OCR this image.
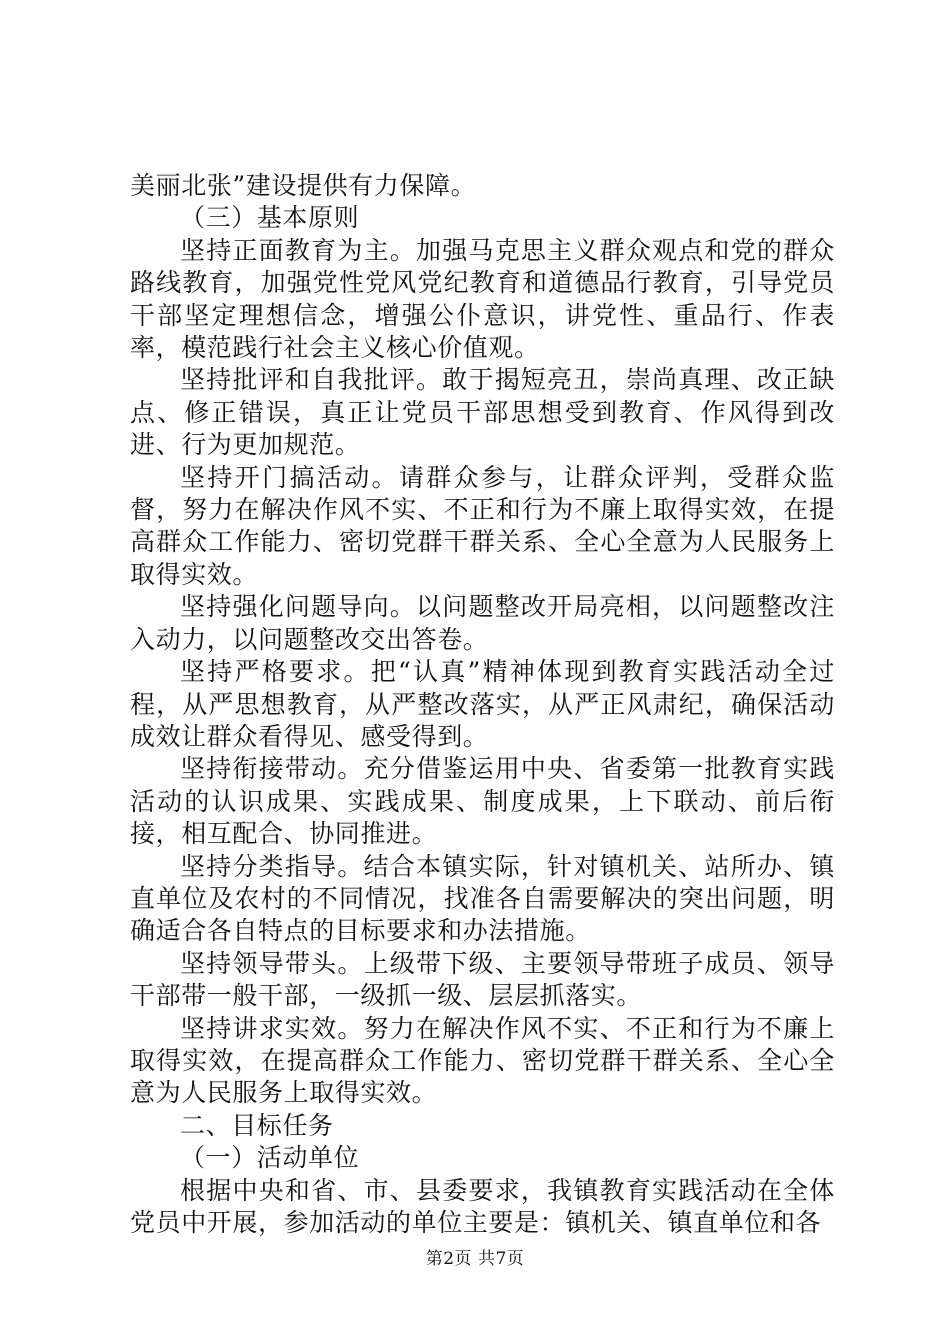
美丽北张”建设提供有力保障。

（三）基本原则

坚持正面教育为主。加强马克思主义群众观点和党的群众路线教育，加强党性党风党纪教育和道德品行教育，引导党员干部坚定理想信念，增强公仆意识，讲党性、重品行、作表率，模范践行社会主义核心价值观。

坚持批评和自我批评。敢于揭短亮丑，崇尚真理、改正缺点、修正错误，真正让党员干部思想受到教育、作风得到改进、行为更加规范。

坚持开门搞活动。请群众参与，让群众评判，受群众监督，努力在解决作风不实、不正和行为不廉上取得实效，在提高群众工作能力、密切党群干群关系、全心全意为人民服务上取得实效。

坚持强化问题导向。以问题整改开局亮相，以问题整改注入动力，以问题整改交出答卷。

坚持严格要求。把“认真”精神体现到教育实践活动全过程，从严思想教育，从严整改落实，从严正风肃纪，确保活动成效让群众看得见、感受得到。

坚持衔接带动。充分借鉴运用中央、省委第一批教育实践活动的认识成果、实践成果、制度成果，上下联动、前后衔接，相互配合、协同推进。

坚持分类指导。结合本镇实际，针对镇机关、站所办、镇直单位及农村的不同情况，找准各自需要解决的突出问题，明确适合各自特点的目标要求和办法措施。

坚持领导带头。上级带下级、主要领导带班子成员、领导干部带一般干部，一级抓一级、层层抓落实。

坚持讲求实效。努力在解决作风不实、不正和行为不廉上取得实效，在提高群众工作能力、密切党群干群关系、全心全意为人民服务上取得实效。

二、目标任务

（一）活动单位

根据中央和省、市、县委要求，我镇教育实践活动在全体党员中开展，参加活动的单位主要是：镇机关、镇直单位和各

第2页 共7页
